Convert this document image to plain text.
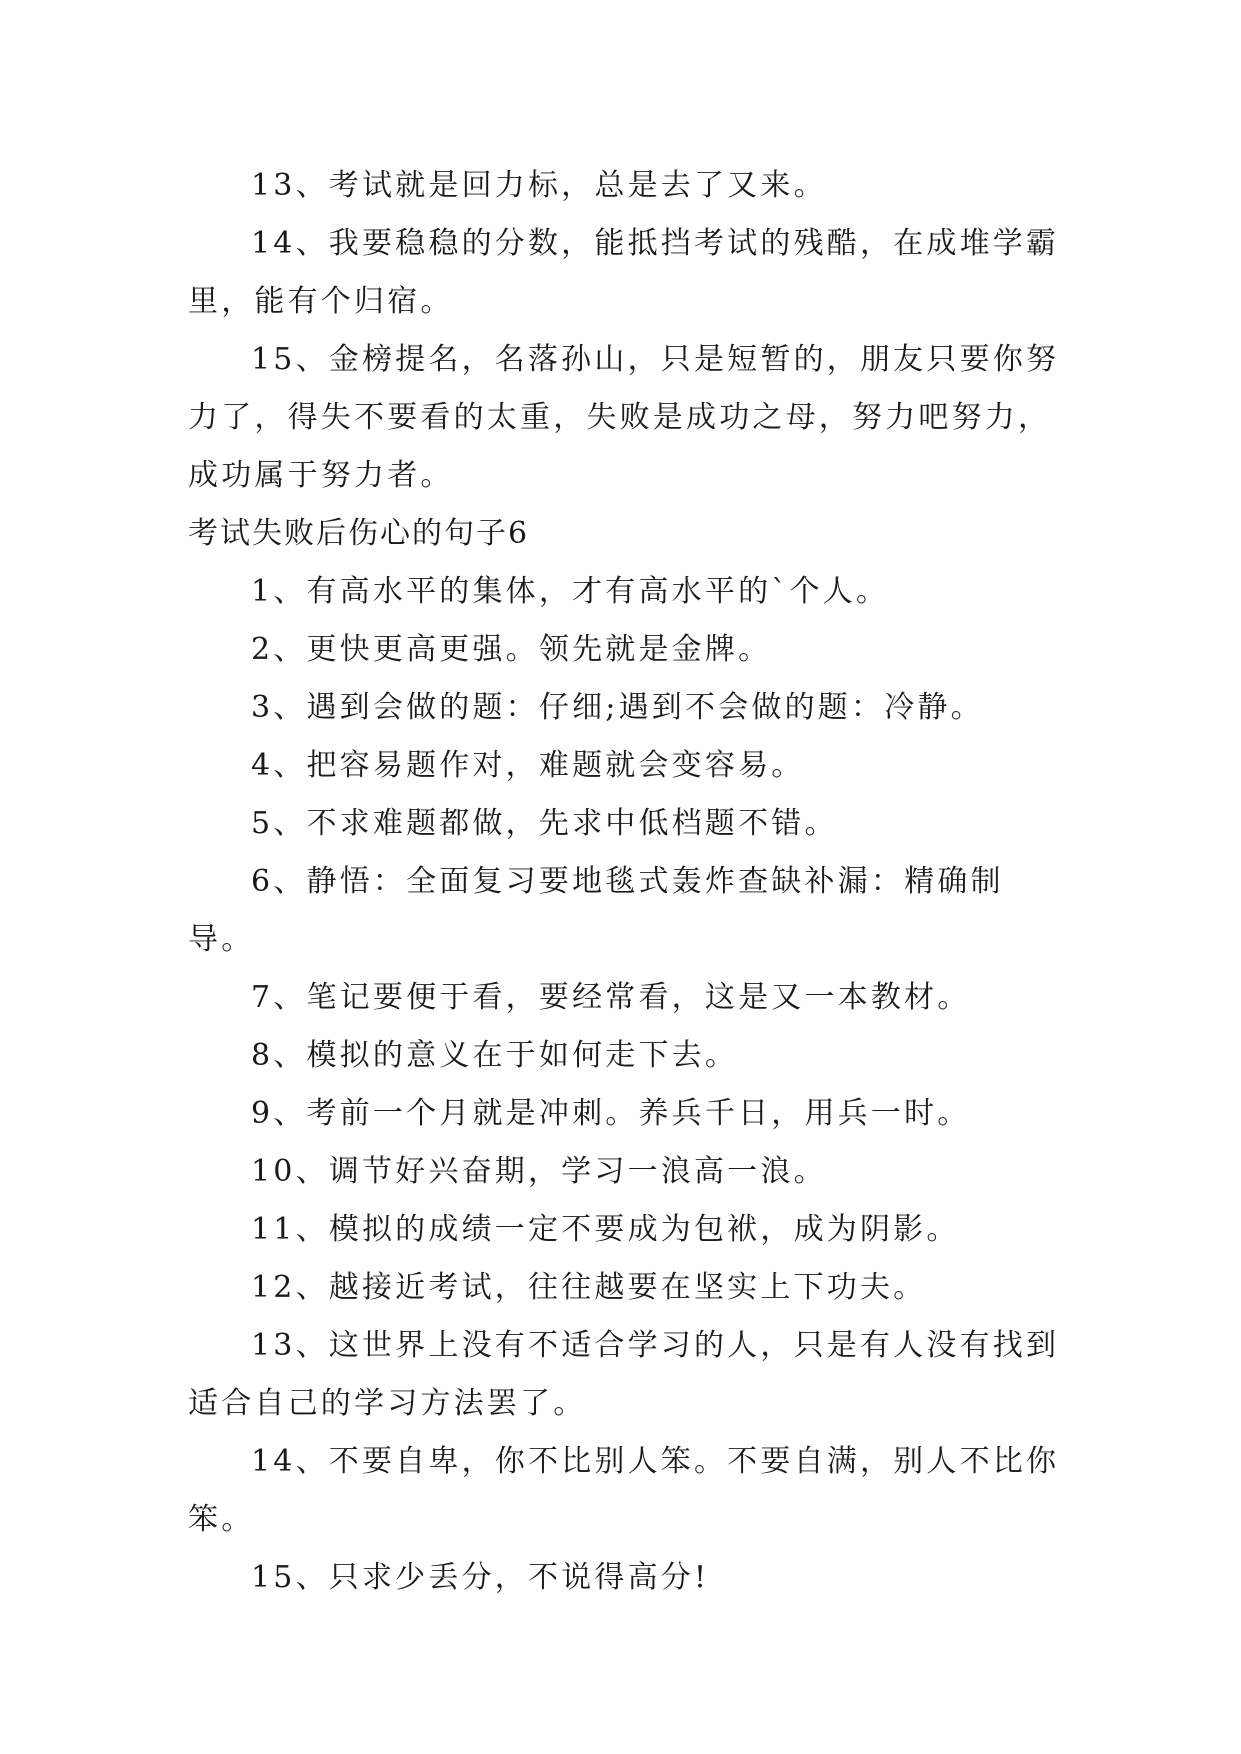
13、考试就是回力标，总是去了又来。

14、我要稳稳的分数，能抵挡考试的残酷，在成堆学霸里，能有个归宿。

15、金榜提名，名落孙山，只是短暂的，朋友只要你努力了，得失不要看的太重，失败是成功之母，努力吧努力，成功属于努力者。

考试失败后伤心的句子6

1、有高水平的集体，才有高水平的`个人。

2、更快更高更强。领先就是金牌。

3、遇到会做的题：仔细;遇到不会做的题：冷静。

4、把容易题作对，难题就会变容易。

5、不求难题都做，先求中低档题不错。

6、静悟：全面复习要地毯式轰炸查缺补漏：精确制导。

7、笔记要便于看，要经常看，这是又一本教材。

8、模拟的意义在于如何走下去。

9、考前一个月就是冲刺。养兵千日，用兵一时。

10、调节好兴奋期，学习一浪高一浪。

11、模拟的成绩一定不要成为包袱，成为阴影。

12、越接近考试，往往越要在坚实上下功夫。

13、这世界上没有不适合学习的人，只是有人没有找到适合自己的学习方法罢了。

14、不要自卑，你不比别人笨。不要自满，别人不比你笨。

15、只求少丢分，不说得高分!
